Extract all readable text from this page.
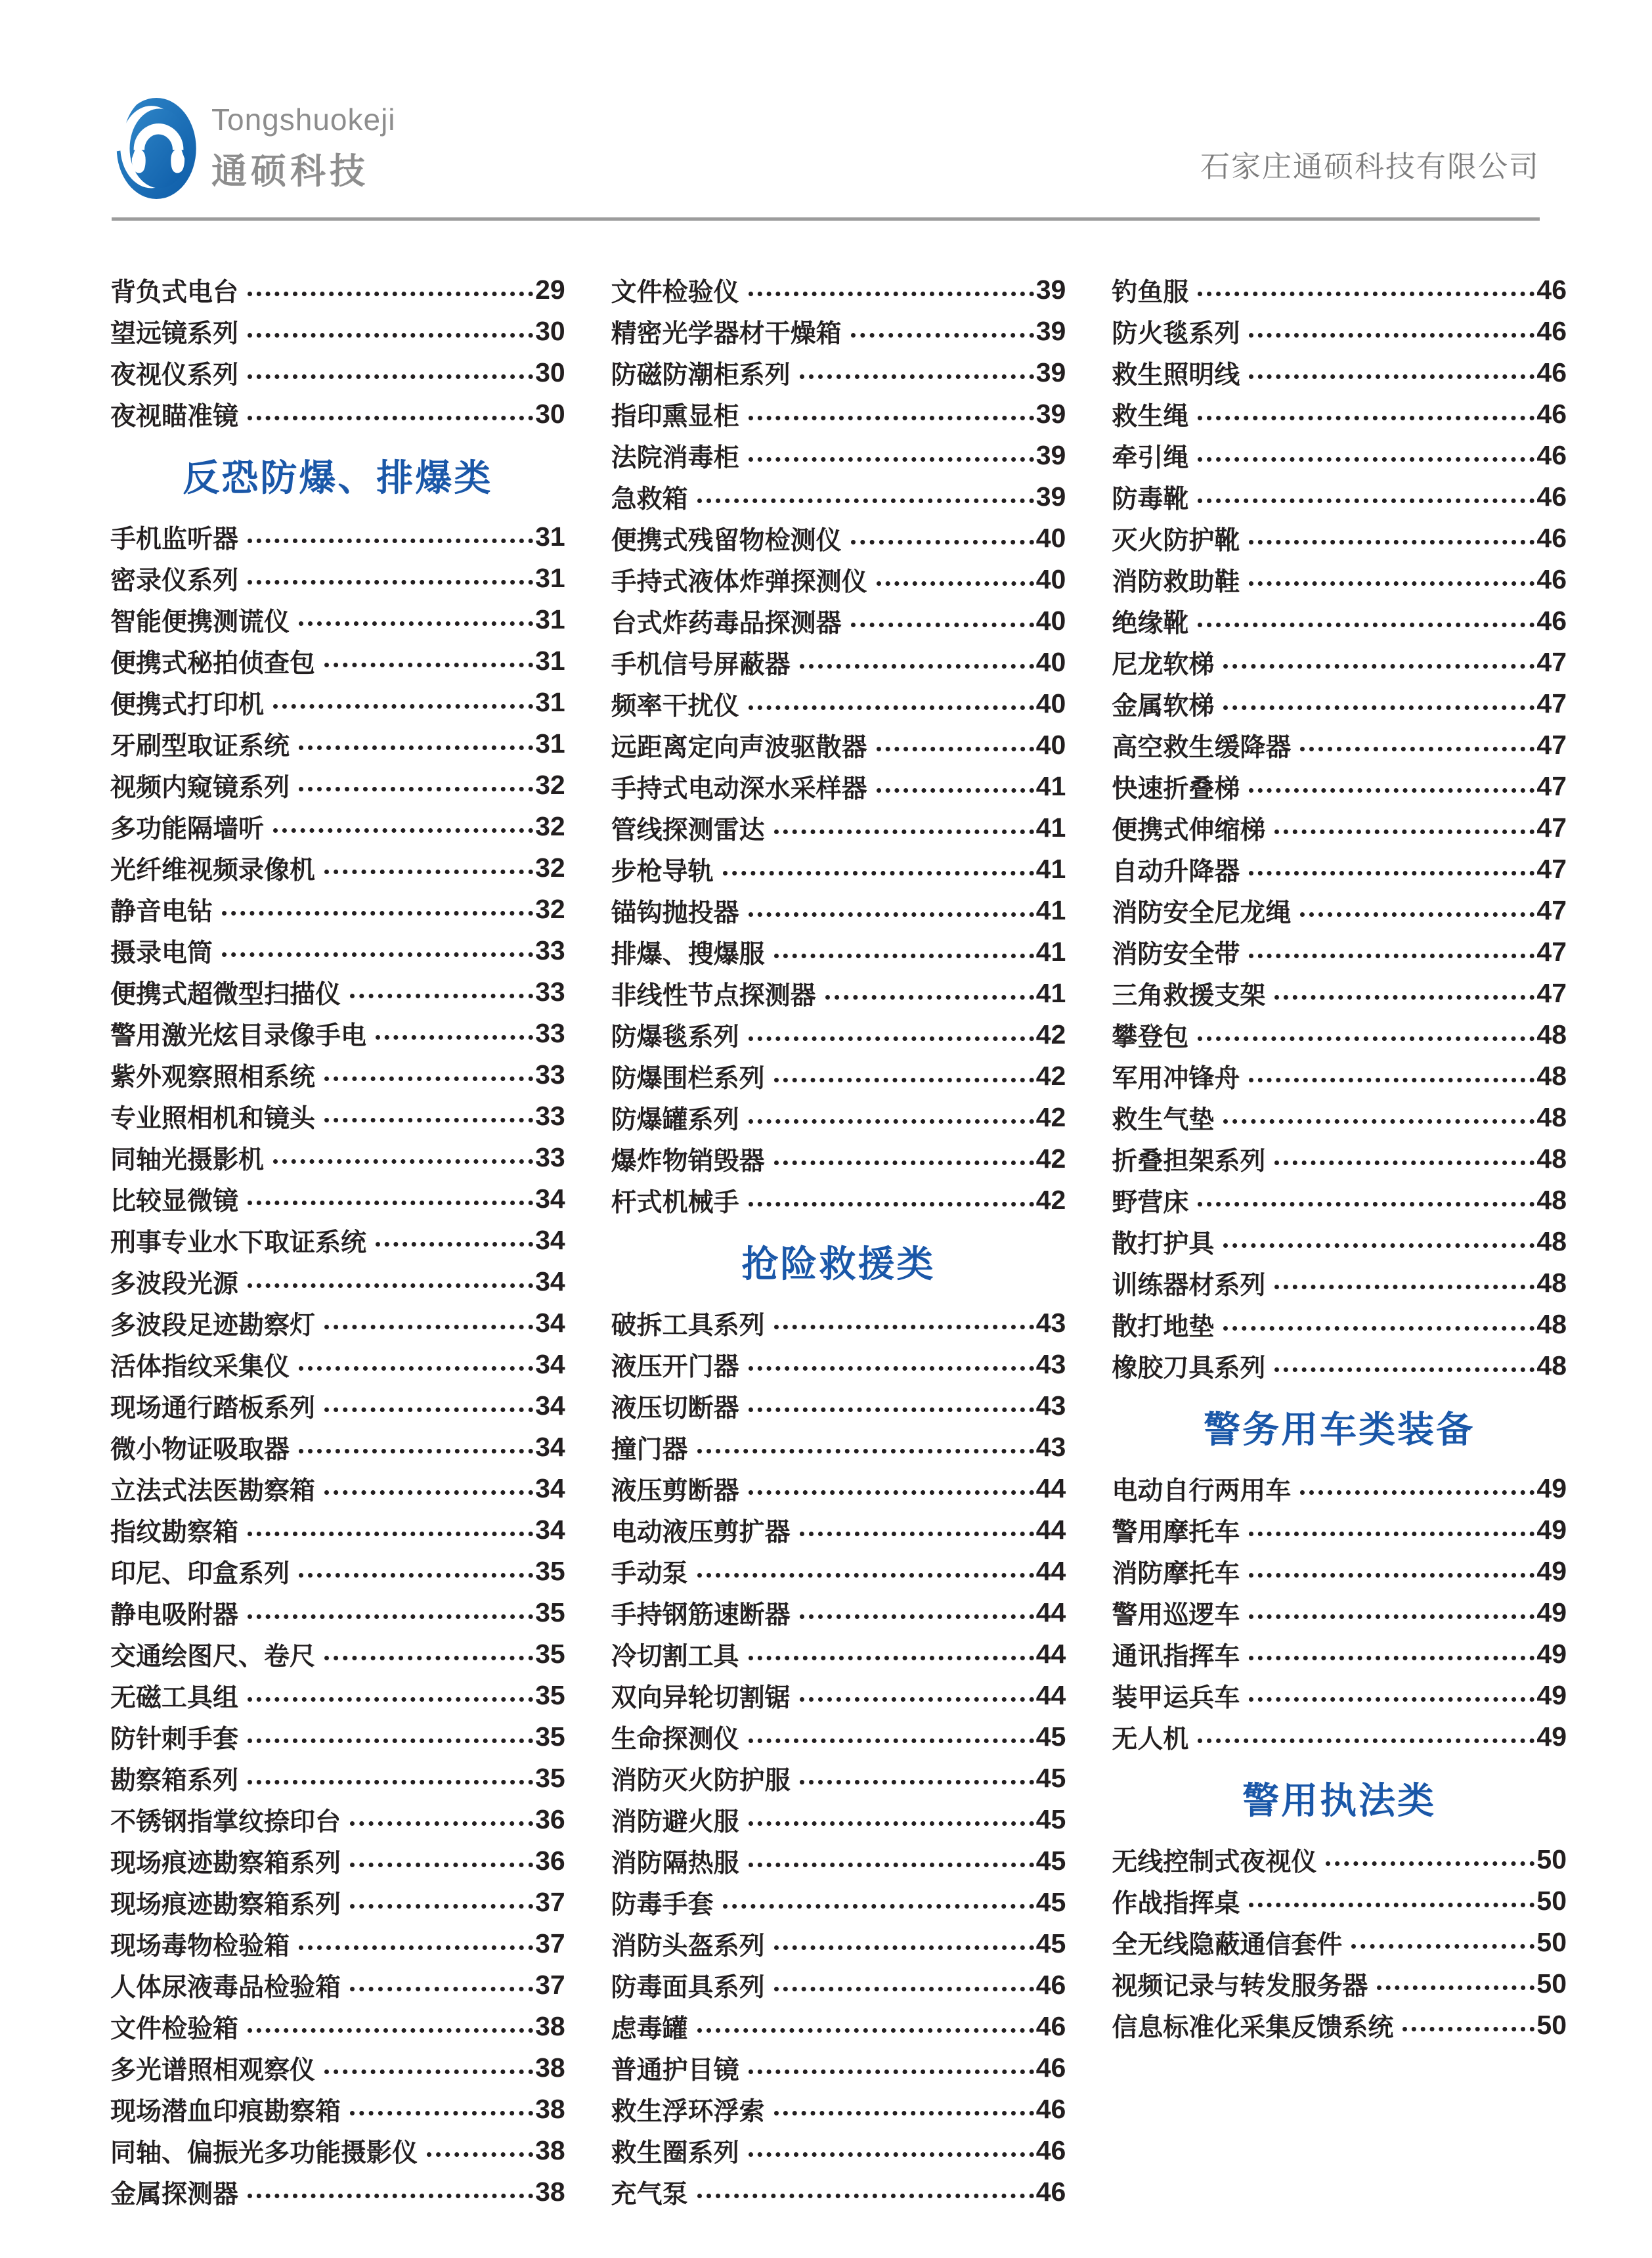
Tongshuokeji
通硕科技	石家庄通硕科技有限公司
背负式电台	29
望远镜系列	30
夜视仪系列	30
夜视瞄准镜	30
反恐防爆、排爆类
手机监听器	31
密录仪系列	31
智能便携测谎仪	31
便携式秘拍侦查包	31
便携式打印机	31
牙刷型取证系统	31
视频内窥镜系列	32
多功能隔墙听	32
光纤维视频录像机	32
静音电钻	32
摄录电筒	33
便携式超微型扫描仪	33
警用激光炫目录像手电	33
紫外观察照相系统	33
专业照相机和镜头	33
同轴光摄影机	33
比较显微镜	34
刑事专业水下取证系统	34
多波段光源	34
多波段足迹勘察灯	34
活体指纹采集仪	34
现场通行踏板系列	34
微小物证吸取器	34
立法式法医勘察箱	34
指纹勘察箱	34
印尼、印盒系列	35
静电吸附器	35
交通绘图尺、卷尺	35
无磁工具组	35
防针刺手套	35
勘察箱系列	35
不锈钢指掌纹捺印台	36
现场痕迹勘察箱系列	36
现场痕迹勘察箱系列	37
现场毒物检验箱	37
人体尿液毒品检验箱	37
文件检验箱	38
多光谱照相观察仪	38
现场潜血印痕勘察箱	38
同轴、偏振光多功能摄影仪	38
金属探测器	38
文件检验仪	39
精密光学器材干燥箱	39
防磁防潮柜系列	39
指印熏显柜	39
法院消毒柜	39
急救箱	39
便携式残留物检测仪	40
手持式液体炸弹探测仪	40
台式炸药毒品探测器	40
手机信号屏蔽器	40
频率干扰仪	40
远距离定向声波驱散器	40
手持式电动深水采样器	41
管线探测雷达	41
步枪导轨	41
锚钩抛投器	41
排爆、搜爆服	41
非线性节点探测器	41
防爆毯系列	42
防爆围栏系列	42
防爆罐系列	42
爆炸物销毁器	42
杆式机械手	42
抢险救援类
破拆工具系列	43
液压开门器	43
液压切断器	43
撞门器	43
液压剪断器	44
电动液压剪扩器	44
手动泵	44
手持钢筋速断器	44
冷切割工具	44
双向异轮切割锯	44
生命探测仪	45
消防灭火防护服	45
消防避火服	45
消防隔热服	45
防毒手套	45
消防头盔系列	45
防毒面具系列	46
虑毒罐	46
普通护目镜	46
救生浮环浮索	46
救生圈系列	46
充气泵	46
钓鱼服	46
防火毯系列	46
救生照明线	46
救生绳	46
牵引绳	46
防毒靴	46
灭火防护靴	46
消防救助鞋	46
绝缘靴	46
尼龙软梯	47
金属软梯	47
高空救生缓降器	47
快速折叠梯	47
便携式伸缩梯	47
自动升降器	47
消防安全尼龙绳	47
消防安全带	47
三角救援支架	47
攀登包	48
军用冲锋舟	48
救生气垫	48
折叠担架系列	48
野营床	48
散打护具	48
训练器材系列	48
散打地垫	48
橡胶刀具系列	48
警务用车类装备
电动自行两用车	49
警用摩托车	49
消防摩托车	49
警用巡逻车	49
通讯指挥车	49
装甲运兵车	49
无人机	49
警用执法类
无线控制式夜视仪	50
作战指挥桌	50
全无线隐蔽通信套件	50
视频记录与转发服务器	50
信息标准化采集反馈系统	50
